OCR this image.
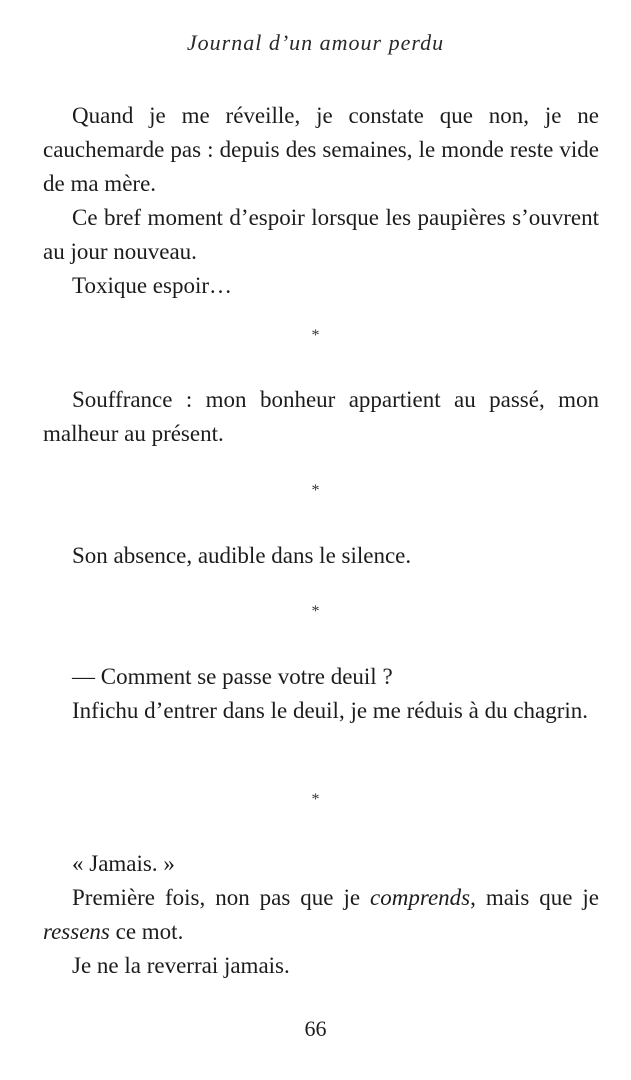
Journal d’un amour perdu

Quand je me réveille, je constate que non, je ne cauchemarde pas : depuis des semaines, le monde reste vide de ma mère.

Ce bref moment d’espoir lorsque les paupières s’ouvrent au jour nouveau.

Toxique espoir…

*

Souffrance : mon bonheur appartient au passé, mon malheur au présent.

*

Son absence, audible dans le silence.

*

— Comment se passe votre deuil ?

Infichu d’entrer dans le deuil, je me réduis à du chagrin.

*

« Jamais. »

Première fois, non pas que je comprends, mais que je ressens ce mot.

Je ne la reverrai jamais.

66
